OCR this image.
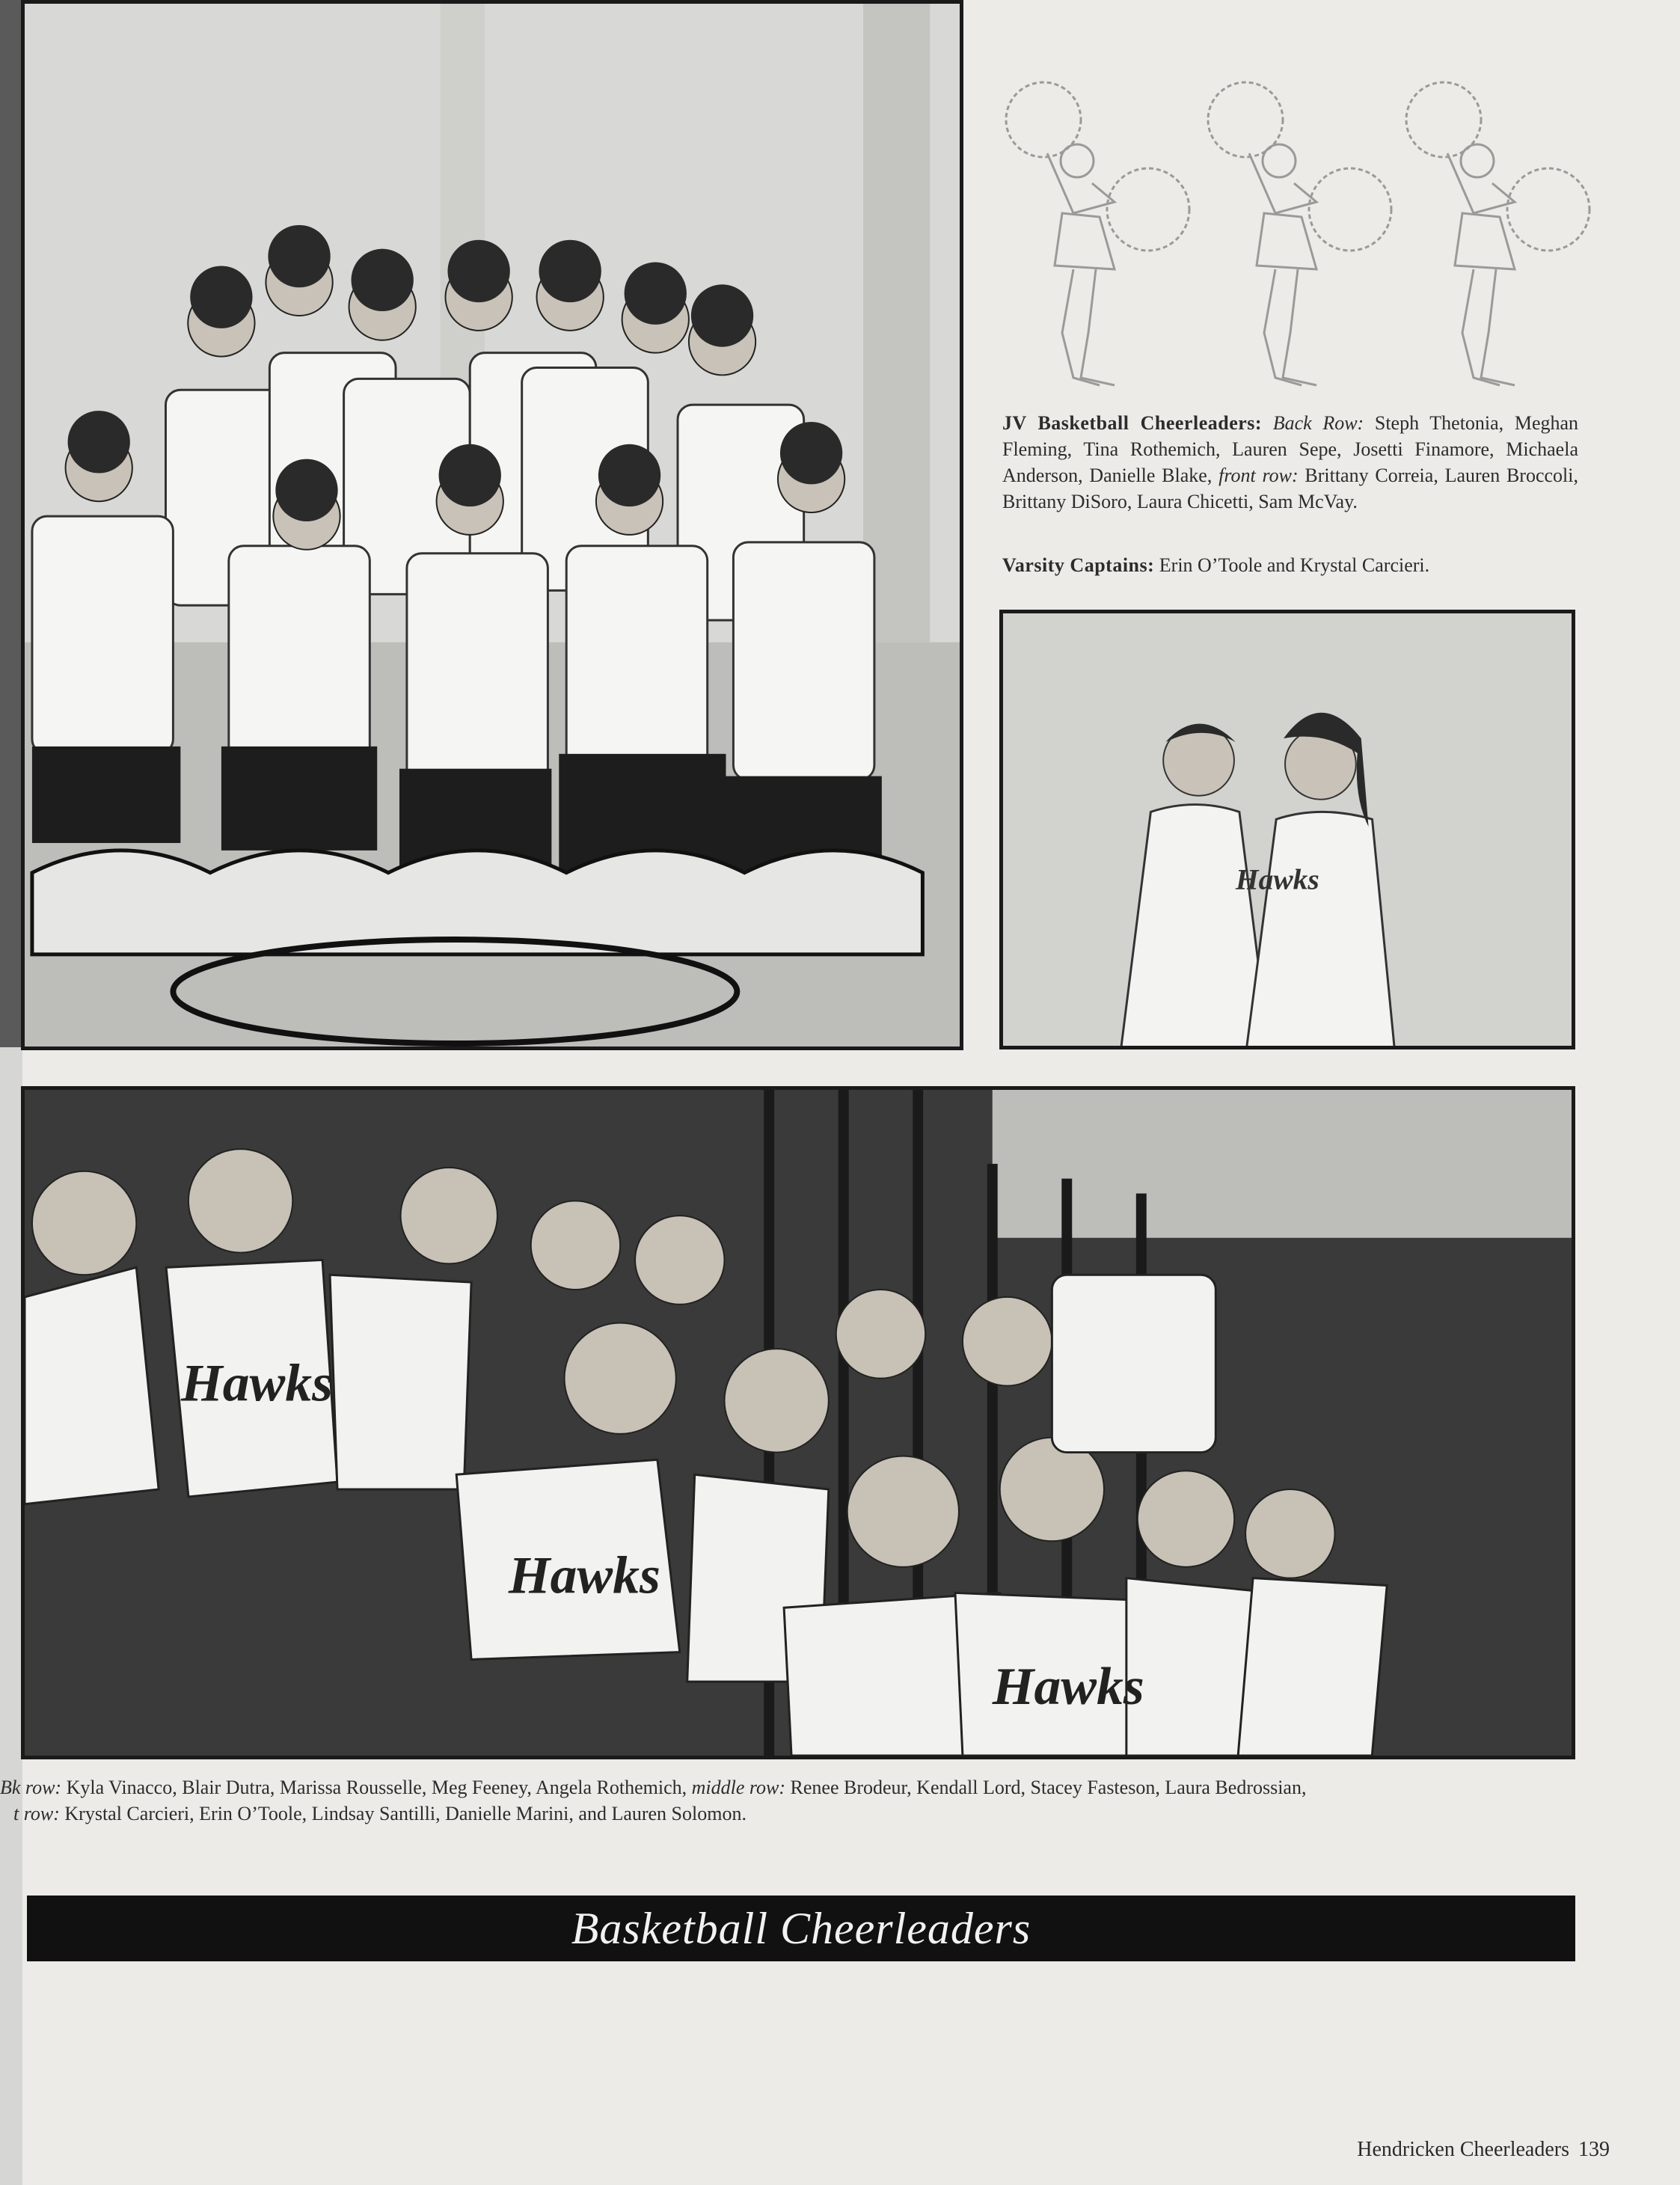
JV Basketball Cheerleaders: Back Row: Steph Thetonia, Meghan Fleming, Tina Rothemich, Lauren Sepe, Josetti Finamore, Michaela Anderson, Danielle Blake, front row: Brittany Correia, Lauren Broccoli, Brittany DiSoro, Laura Chicetti, Sam McVay.
Varsity Captains: Erin O’Toole and Krystal Carcieri.
Hawks
Hawks
Hawks
Hawks
Bk row: Kyla Vinacco, Blair Dutra, Marissa Rousselle, Meg Feeney, Angela Rothemich, middle row: Renee Brodeur, Kendall Lord, Stacey Fasteson, Laura Bedrossian,
t row: Krystal Carcieri, Erin O’Toole, Lindsay Santilli, Danielle Marini, and Lauren Solomon.
Basketball Cheerleaders
Hendricken Cheerleaders 139
